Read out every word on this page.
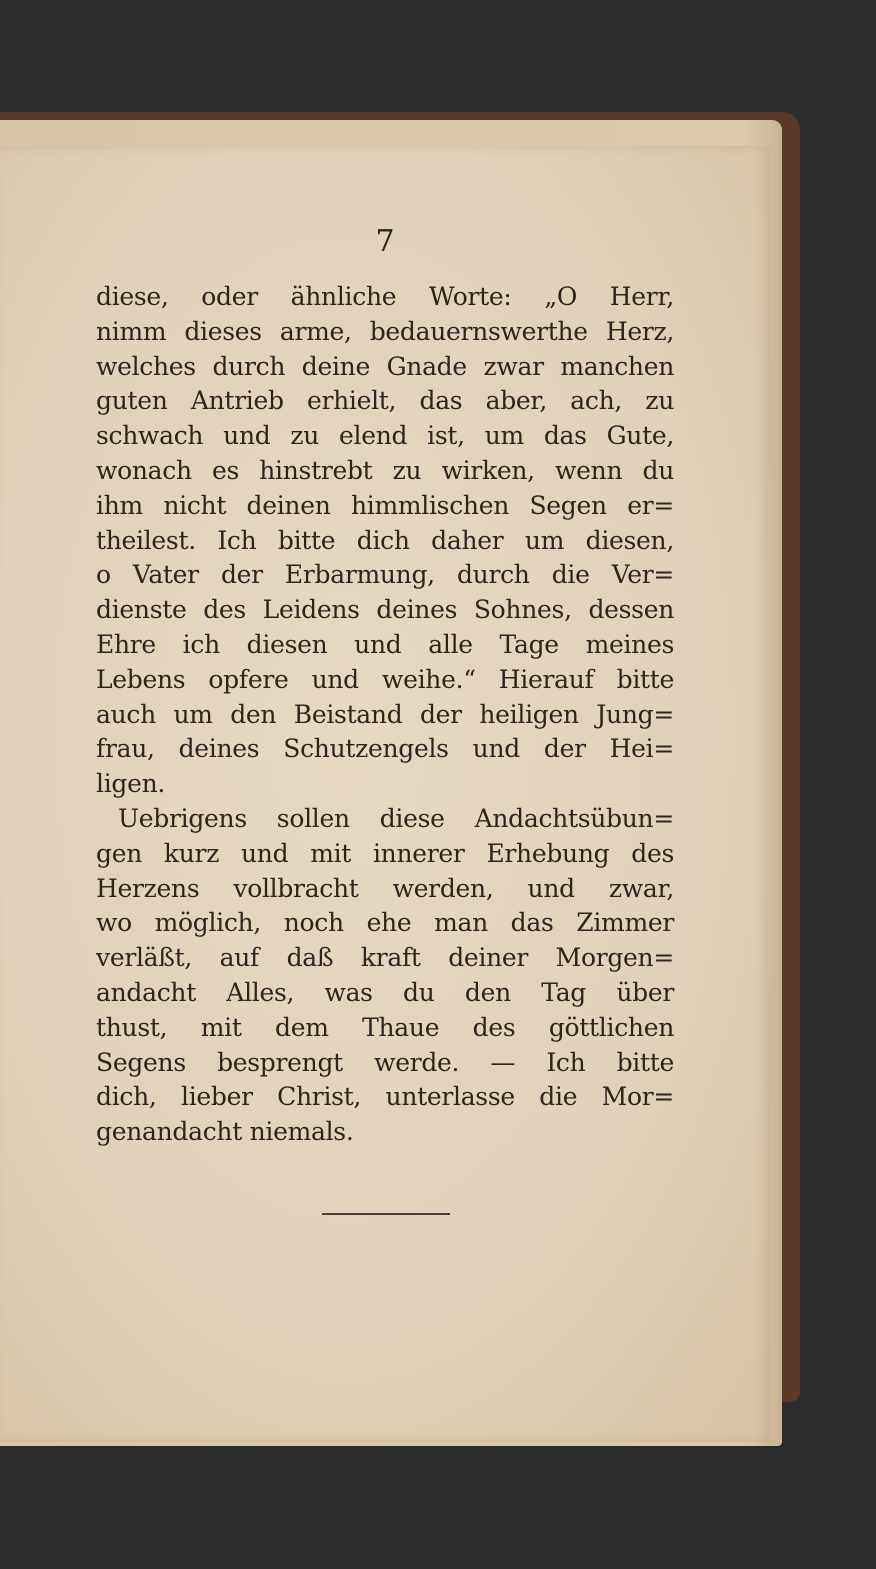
7
diese, oder ähnliche Worte: „O Herr,
nimm dieses arme, bedauernswerthe Herz,
welches durch deine Gnade zwar manchen
guten Antrieb erhielt, das aber, ach, zu
schwach und zu elend ist, um das Gute,
wonach es hinstrebt zu wirken, wenn du
ihm nicht deinen himmlischen Segen er=
theilest. Ich bitte dich daher um diesen,
o Vater der Erbarmung, durch die Ver=
dienste des Leidens deines Sohnes, dessen
Ehre ich diesen und alle Tage meines
Lebens opfere und weihe.“ Hierauf bitte
auch um den Beistand der heiligen Jung=
frau, deines Schutzengels und der Hei=
ligen.
Uebrigens sollen diese Andachtsübun=
gen kurz und mit innerer Erhebung des
Herzens vollbracht werden, und zwar,
wo möglich, noch ehe man das Zimmer
verläßt, auf daß kraft deiner Morgen=
andacht Alles, was du den Tag über
thust, mit dem Thaue des göttlichen
Segens besprengt werde. — Ich bitte
dich, lieber Christ, unterlasse die Mor=
genandacht niemals.
